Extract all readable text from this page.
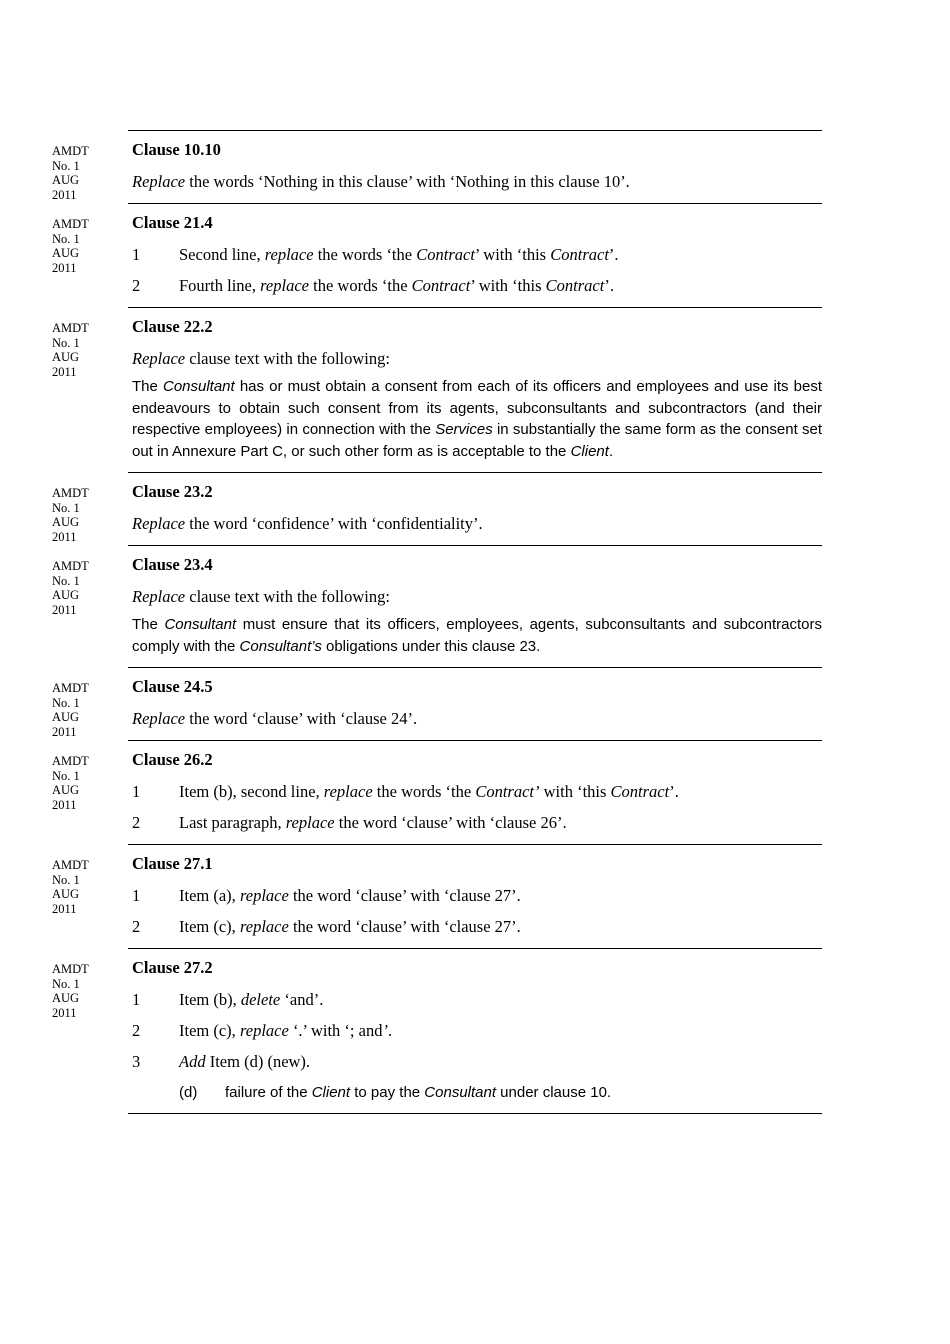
AMDT
No. 1
AUG
2011
Clause 10.10

Replace the words ‘Nothing in this clause’ with ‘Nothing in this clause 10’.

AMDT
No. 1
AUG
2011
Clause 21.4
1	Second line, replace the words ‘the Contract’ with ‘this Contract’.
2	Fourth line, replace the words ‘the Contract’ with ‘this Contract’.
AMDT
No. 1
AUG
2011
Clause 22.2

Replace clause text with the following:

The Consultant has or must obtain a consent from each of its officers and employees and use its best endeavours to obtain such consent from its agents, subconsultants and subcontractors (and their respective employees) in connection with the Services in substantially the same form as the consent set out in Annexure Part C, or such other form as is acceptable to the Client.

AMDT
No. 1
AUG
2011
Clause 23.2

Replace the word ‘confidence’ with ‘confidentiality’.

AMDT
No. 1
AUG
2011
Clause 23.4

Replace clause text with the following:

The Consultant must ensure that its officers, employees, agents, subconsultants and subcontractors comply with the Consultant’s obligations under this clause 23.

AMDT
No. 1
AUG
2011
Clause 24.5

Replace the word ‘clause’ with ‘clause 24’.

AMDT
No. 1
AUG
2011
Clause 26.2
1	Item (b), second line, replace the words ‘the Contract’ with ‘this Contract’.
2	Last paragraph, replace the word ‘clause’ with ‘clause 26’.
AMDT
No. 1
AUG
2011
Clause 27.1
1	Item (a), replace the word ‘clause’ with ‘clause 27’.
2	Item (c), replace the word ‘clause’ with ‘clause 27’.
AMDT
No. 1
AUG
2011
Clause 27.2
1	Item (b), delete ‘and’.
2	Item (c), replace ‘.’ with ‘; and’.
3	Add Item (d) (new).
(d)	failure of the Client to pay the Consultant under clause 10.
